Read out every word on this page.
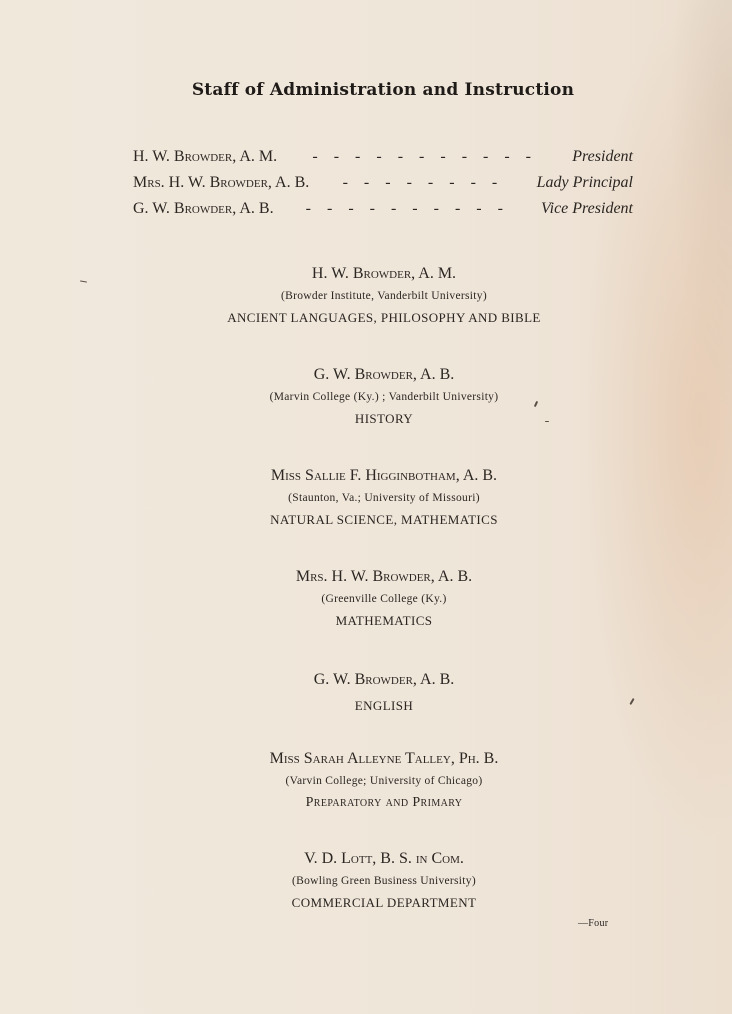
Staff of Administration and Instruction
H. W. Browder, A. M.	- - - - - - - - - - -	President
Mrs. H. W. Browder, A. B.	- - - - - - - -	Lady Principal
G. W. Browder, A. B.	- - - - - - - - - -	Vice President
H. W. Browder, A. M.
(Browder Institute, Vanderbilt University)
ANCIENT LANGUAGES, PHILOSOPHY AND BIBLE
G. W. Browder, A. B.
(Marvin College (Ky.) ; Vanderbilt University)
HISTORY
Miss Sallie F. Higginbotham, A. B.
(Staunton, Va.; University of Missouri)
NATURAL SCIENCE, MATHEMATICS
Mrs. H. W. Browder, A. B.
(Greenville College (Ky.)
MATHEMATICS
G. W. Browder, A. B.
ENGLISH
Miss Sarah Alleyne Talley, Ph. B.
(Varvin College; University of Chicago)
Preparatory and Primary
V. D. Lott, B. S. in Com.
(Bowling Green Business University)
COMMERCIAL DEPARTMENT
—Four
